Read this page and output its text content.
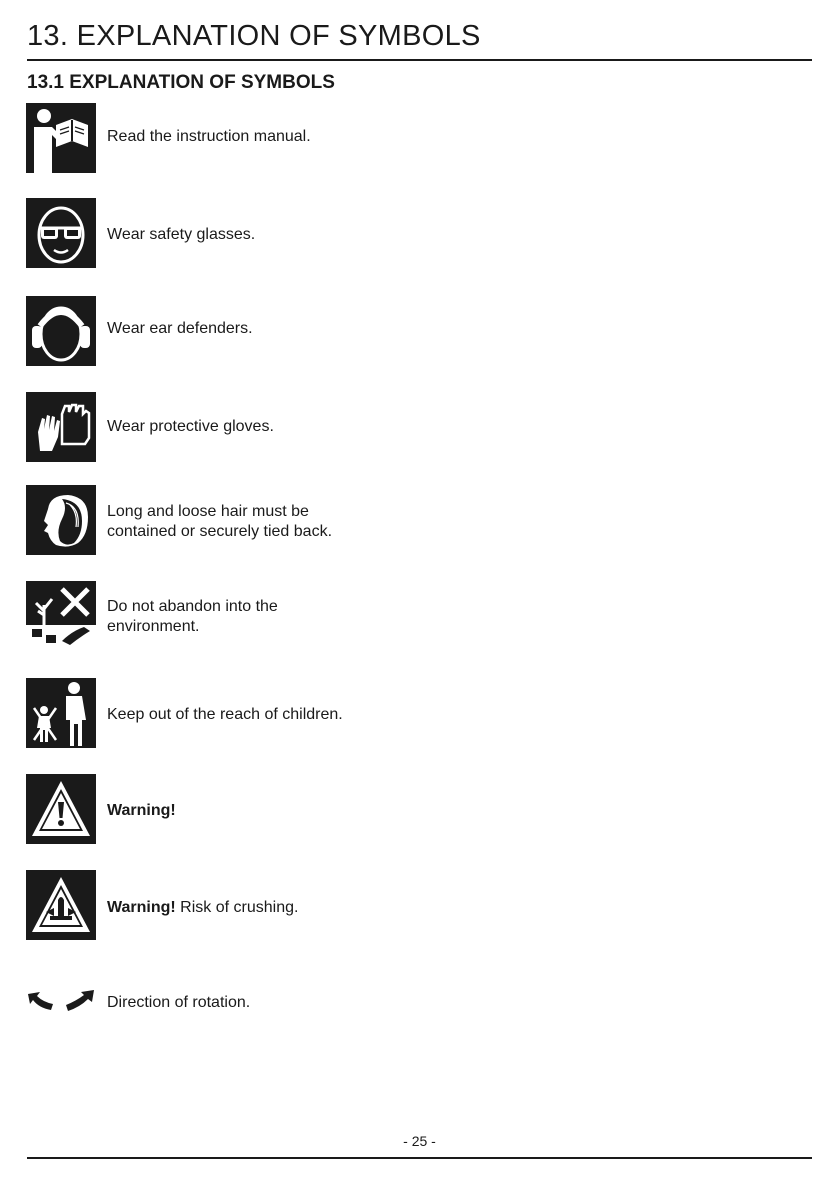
13. EXPLANATION OF SYMBOLS
13.1 EXPLANATION OF SYMBOLS
Read the instruction manual.
Wear safety glasses.
Wear ear defenders.
Wear protective gloves.
Long and loose hair must be
contained or securely tied back.
Do not abandon into the
environment.
Keep out of the reach of children.
Warning!
Warning! Risk of crushing.
Direction of rotation.
- 25 -
